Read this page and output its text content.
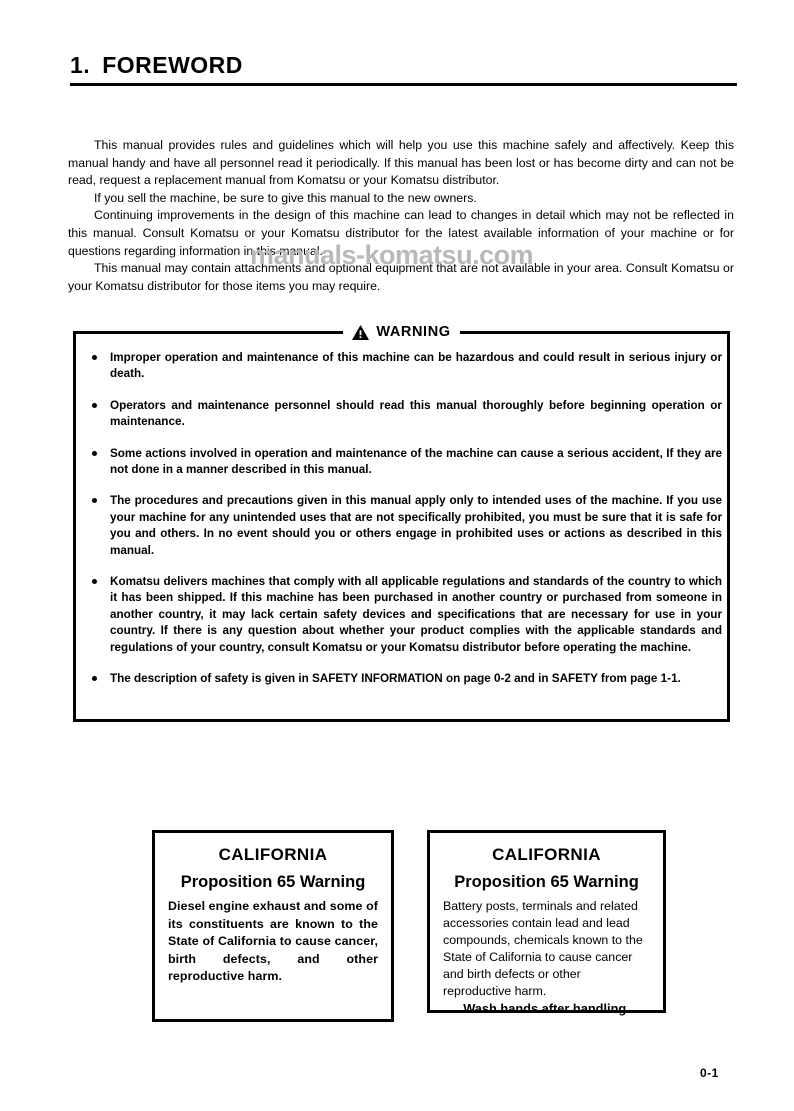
1. FOREWORD

This manual provides rules and guidelines which will help you use this machine safely and affectively. Keep this manual handy and have all personnel read it periodically. If this manual has been lost or has become dirty and can not be read, request a replacement manual from Komatsu or your Komatsu distributor.

If you sell the machine, be sure to give this manual to the new owners.

Continuing improvements in the design of this machine can lead to changes in detail which may not be reflected in this manual. Consult Komatsu or your Komatsu distributor for the latest available information of your machine or for questions regarding information in this manual.

This manual may contain attachments and optional equipment that are not available in your area. Consult Komatsu or your Komatsu distributor for those items you may require.

manuals-komatsu.com
WARNING
Improper operation and maintenance of this machine can be hazardous and could result in serious injury or death.
Operators and maintenance personnel should read this manual thoroughly before beginning operation or maintenance.
Some actions involved in operation and maintenance of the machine can cause a serious accident, If they are not done in a manner described in this manual.
The procedures and precautions given in this manual apply only to intended uses of the machine. If you use your machine for any unintended uses that are not specifically prohibited, you must be sure that it is safe for you and others. In no event should you or others engage in prohibited uses or actions as described in this manual.
Komatsu delivers machines that comply with all applicable regulations and standards of the country to which it has been shipped. If this machine has been purchased in another country or purchased from someone in another country, it may lack certain safety devices and specifications that are necessary for use in your country. If there is any question about whether your product complies with the applicable standards and regulations of your country, consult Komatsu or your Komatsu distributor before operating the machine.
The description of safety is given in SAFETY INFORMATION on page 0-2 and in SAFETY from page 1-1.
CALIFORNIA
Proposition 65 Warning
Diesel engine exhaust and some of its constituents are known to the State of California to cause cancer, birth defects, and other reproductive harm.
CALIFORNIA
Proposition 65 Warning
Battery posts, terminals and related accessories contain lead and lead compounds, chemicals known to the State of California to cause cancer and birth defects or other reproductive harm.
Wash hands after handling.
0-1
